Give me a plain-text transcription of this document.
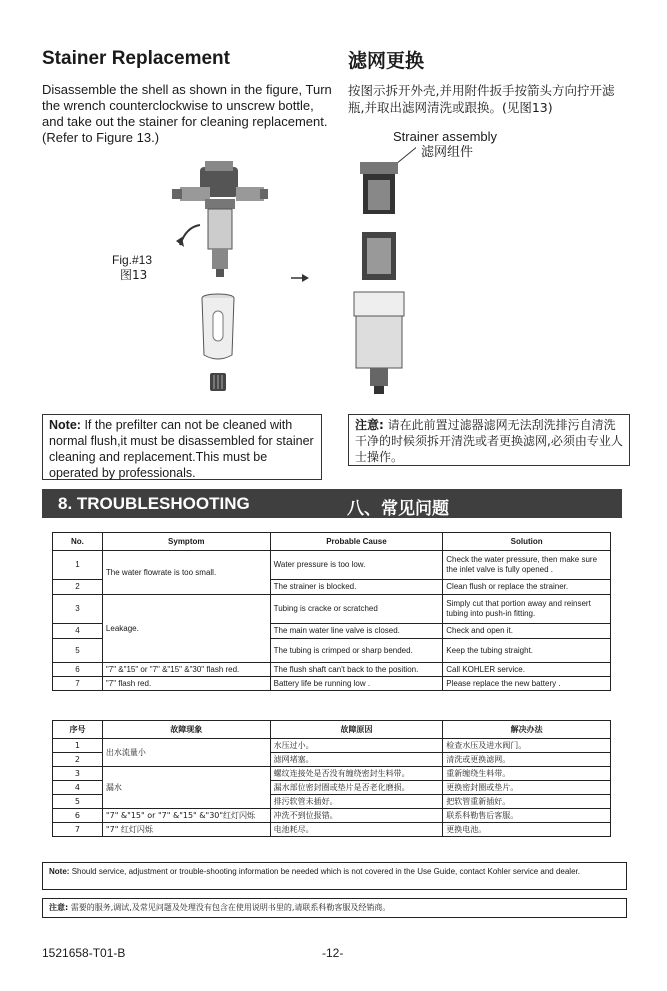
Stainer Replacement	滤网更换
Disassemble the shell as shown in the figure, Turn the wrench counterclockwise to unscrew bottle, and take out the stainer for cleaning replacement.(Refer to Figure 13.)
按图示拆开外壳,并用附件扳手按箭头方向拧开滤瓶,并取出滤网清洗或跟换。(见图13)
Strainer assembly
滤网组件
Fig.#13
图13
Note: If the prefilter can not be cleaned with normal flush,it must be disassembled for stainer cleaning and replacement.This must be operated by professionals.
注意: 请在此前置过滤器滤网无法刮洗排污自清洗干净的时候须拆开清洗或者更换滤网,必须由专业人士操作。
8. TROUBLESHOOTING	八、常见问题
No.	Symptom	Probable Cause	Solution
1	The water flowrate is too small.	Water pressure is too low.	Check the water pressure, then make sure the inlet valve is fully opened .
2		The strainer is blocked.	Clean flush or replace the strainer.
3	Leakage.	Tubing is cracke or scratched	Simply cut that portion away and reinsert tubing into push-in fitting.
4		The main water line valve is closed.	Check and open it.
5		The tubing is crimped or sharp bended.	Keep the tubing straight.
6	"7" &"15" or "7" &"15" &"30" flash red.	The flush shaft can't back to the position.	Call KOHLER service.
7	"7" flash red.	Battery life be running low .	Please replace the new battery .
序号	故障现象	故障原因	解决办法
1	出水流量小	水压过小。	检查水压及进水阀门。
2		滤网堵塞。	清洗或更换滤网。
3	漏水	螺纹连接处是否没有缠绕密封生料带。	重新缠绕生料带。
4		漏水部位密封圈或垫片是否老化磨损。	更换密封圈或垫片。
5		排污软管未插好。	把软管重新插好。
6	"7" &"15" or "7" &"15" &"30"红灯闪烁	冲洗不到位报错。	联系科勒售后客服。
7	"7" 红灯闪烁	电池耗尽。	更换电池。
Note: Should service, adjustment or trouble-shooting information be needed which is not covered in the Use Guide, contact Kohler service and dealer.
注意: 需要的服务,调试,及常见问题及处理没有包含在使用说明书里的,请联系科勒客服及经销商。
1521658-T01-B	-12-
